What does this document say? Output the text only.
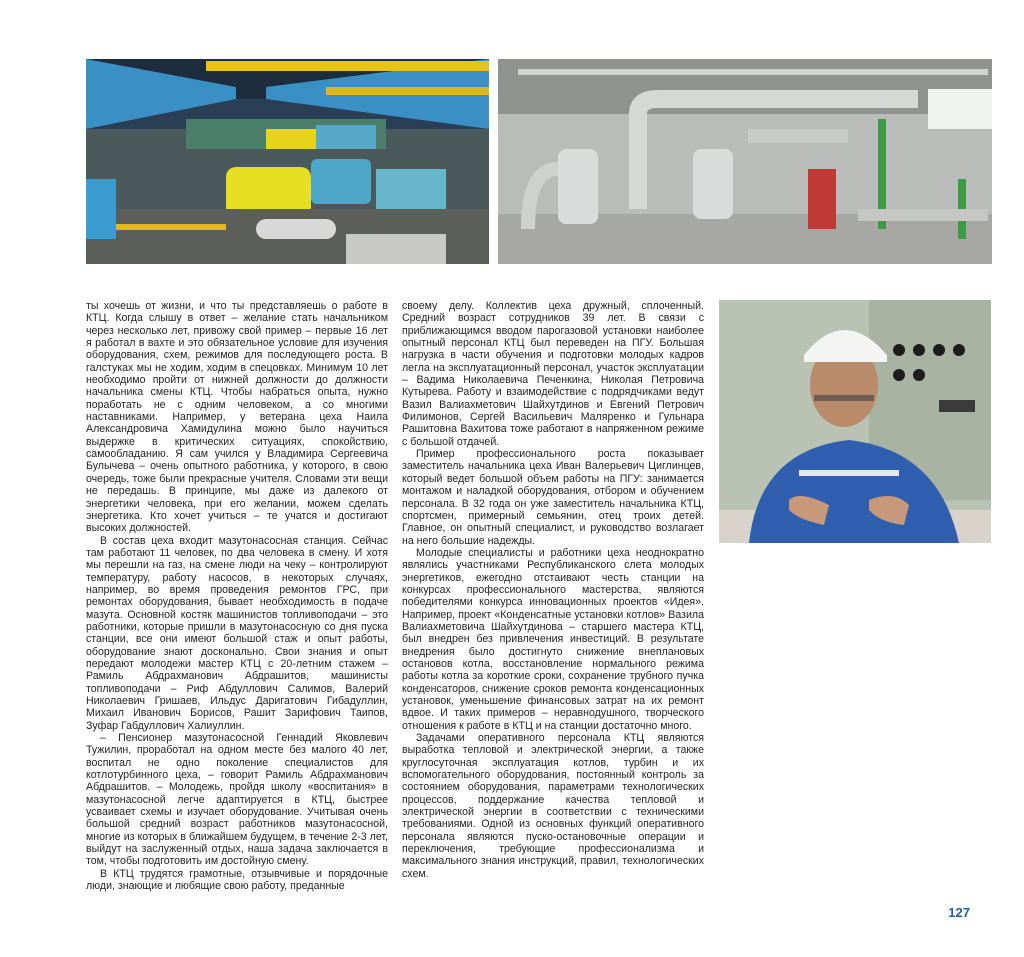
ты хочешь от жизни, и что ты представляешь о работе в КТЦ. Когда слышу в ответ – желание стать начальником через несколько лет, привожу свой пример – первые 16 лет я работал в вахте и это обязательное условие для изучения оборудования, схем, режимов для последующего роста. В галстуках мы не ходим, ходим в спецовках. Минимум 10 лет необходимо пройти от нижней должности до должности начальника смены КТЦ. Чтобы набраться опыта, нужно поработать не с одним человеком, а со многими наставниками. Например, у ветерана цеха Наила Александровича Хамидулина можно было научиться выдержке в критических ситуациях, спокойствию, самообладанию. Я сам учился у Владимира Сергеевича Булычева – очень опытного работника, у которого, в свою очередь, тоже были прекрасные учителя. Словами эти вещи не передашь. В принципе, мы даже из далекого от энергетики человека, при его желании, можем сделать энергетика. Кто хочет учиться – те учатся и достигают высоких должностей.

В состав цеха входит мазутонасосная станция. Сейчас там работают 11 человек, по два человека в смену. И хотя мы перешли на газ, на смене люди на чеку – контролируют температуру, работу насосов, в некоторых случаях, например, во время проведения ремонтов ГРС, при ремонтах оборудования, бывает необходимость в подаче мазута. Основной костяк машинистов топливоподачи – это работники, которые пришли в мазутонасосную со дня пуска станции, все они имеют большой стаж и опыт работы, оборудование знают досконально. Свои знания и опыт передают молодежи мастер КТЦ с 20-летним стажем – Рамиль Абдрахманович Абдрашитов, машинисты топливоподачи – Риф Абдуллович Салимов, Валерий Николаевич Гришаев, Ильдус Даригатович Гибадуллин, Михаил Иванович Борисов, Рашит Зарифович Таипов, Зуфар Габдуллович Халиуллин.

– Пенсионер мазутонасосной Геннадий Яковлевич Тужилин, проработал на одном месте без малого 40 лет, воспитал не одно поколение специалистов для котлотурбинного цеха, – говорит Рамиль Абдрахманович Абдрашитов. – Молодежь, пройдя школу «воспитания» в мазутонасосной легче адаптируется в КТЦ, быстрее усваивает схемы и изучает оборудование. Учитывая очень большой средний возраст работников мазутонасосной, многие из которых в ближайшем будущем, в течение 2-3 лет, выйдут на заслуженный отдых, наша задача заключается в том, чтобы подготовить им достойную смену.

В КТЦ трудятся грамотные, отзывчивые и порядочные люди, знающие и любящие свою работу, преданные

своему делу. Коллектив цеха дружный, сплоченный. Средний возраст сотрудников 39 лет. В связи с приближающимся вводом парогазовой установки наиболее опытный персонал КТЦ был переведен на ПГУ. Большая нагрузка в части обучения и подготовки молодых кадров легла на эксплуатационный персонал, участок эксплуатации – Вадима Николаевича Печенкина, Николая Петровича Кутырева. Работу и взаимодействие с подрядчиками ведут Вазил Валиахметович Шайхутдинов и Евгений Петрович Филимонов, Сергей Васильевич Маляренко и Гульнара Рашитовна Вахитова тоже работают в напряженном режиме с большой отдачей.

Пример профессионального роста показывает заместитель начальника цеха Иван Валерьевич Циглинцев, который ведет большой объем работы на ПГУ: занимается монтажом и наладкой оборудования, отбором и обучением персонала. В 32 года он уже заместитель начальника КТЦ, спортсмен, примерный семьянин, отец троих детей. Главное, он опытный специалист, и руководство возлагает на него большие надежды.

Молодые специалисты и работники цеха неоднократно являлись участниками Республиканского слета молодых энергетиков, ежегодно отстаивают честь станции на конкурсах профессионального мастерства, являются победителями конкурса инновационных проектов «Идея». Например, проект «Конденсатные установки котлов» Вазила Валиахметовича Шайхутдинова – старшего мастера КТЦ, был внедрен без привлечения инвестиций. В результате внедрения было достигнуто снижение внеплановых остановов котла, восстановление нормального режима работы котла за короткие сроки, сохранение трубного пучка конденсаторов, снижение сроков ремонта конденсационных установок, уменьшение финансовых затрат на их ремонт вдвое. И таких примеров – неравнодушного, творческого отношения к работе в КТЦ и на станции достаточно много.

Задачами оперативного персонала КТЦ являются выработка тепловой и электрической энергии, а также круглосуточная эксплуатация котлов, турбин и их вспомогательного оборудования, постоянный контроль за состоянием оборудования, параметрами технологических процессов, поддержание качества тепловой и электрической энергии в соответствии с техническими требованиями. Одной из основных функций оперативного персонала являются пуско-остановочные операции и переключения, требующие профессионализма и максимального знания инструкций, правил, технологических схем.

127
